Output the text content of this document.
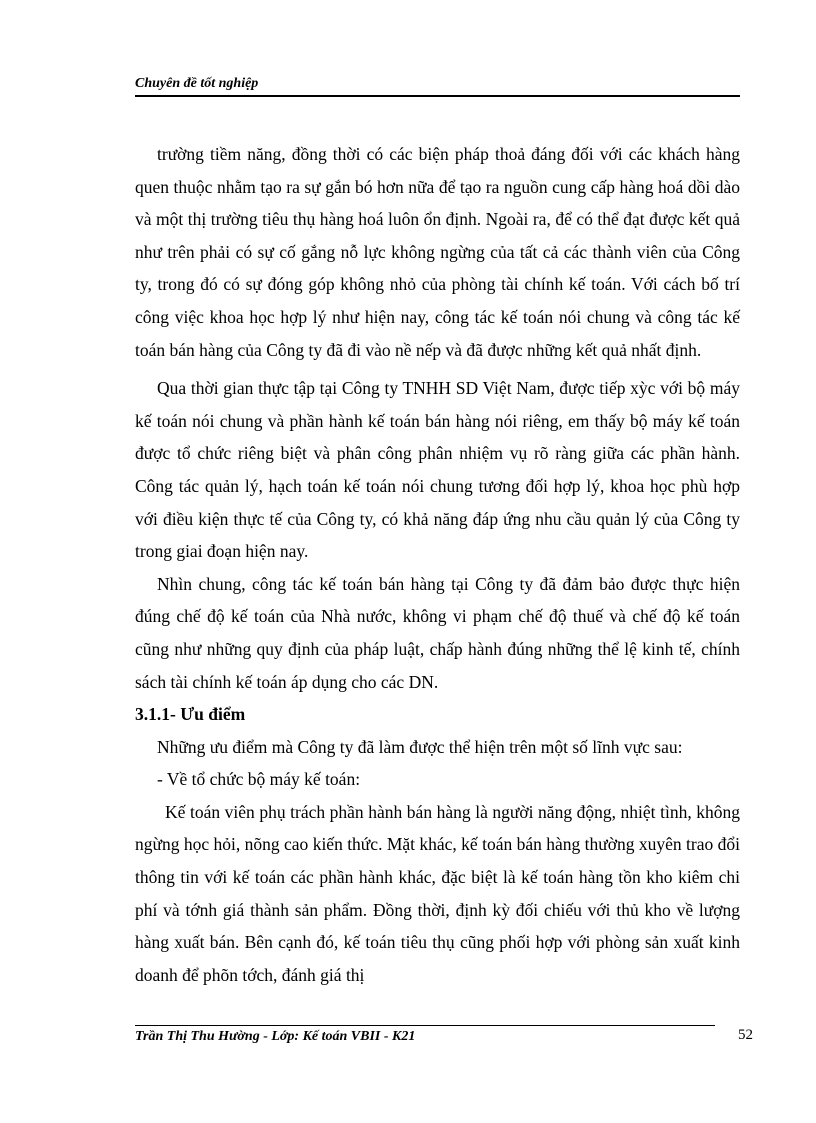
Chuyên đề tốt nghiệp

trường tiềm năng, đồng thời có các biện pháp thoả đáng đối với các khách hàng quen thuộc nhằm tạo ra sự gắn bó hơn nữa để tạo ra nguồn cung cấp hàng hoá dồi dào và một thị trường tiêu thụ hàng hoá luôn ổn định. Ngoài ra, để có thể đạt được kết quả như trên phải có sự cố gắng nỗ lực không ngừng của tất cả các thành viên của Công ty, trong đó có sự đóng góp không nhỏ của phòng tài chính kế toán. Với cách bố trí công việc khoa học hợp lý như hiện nay, công tác kế toán nói chung và công tác kế toán bán hàng của Công ty đã đi vào nề nếp và đã được những kết quả nhất định.

Qua thời gian thực tập tại Công ty TNHH SD Việt Nam, được tiếp xỳc với bộ máy kế toán nói chung và phần hành kế toán bán hàng nói riêng, em thấy bộ máy kế toán được tổ chức riêng biệt và phân công phân nhiệm vụ rõ ràng giữa các phần hành. Công tác quản lý, hạch toán kế toán nói chung tương đối hợp lý, khoa học phù hợp với điều kiện thực tế của Công ty, có khả năng đáp ứng nhu cầu quản lý của Công ty trong giai đoạn hiện nay.

Nhìn chung, công tác kế toán bán hàng tại Công ty đã đảm bảo được thực hiện đúng chế độ kế toán của Nhà nước, không vi phạm chế độ thuế và chế độ kế toán cũng như những quy định của pháp luật, chấp hành đúng những thể lệ kinh tế, chính sách tài chính kế toán áp dụng cho các DN.

3.1.1- Ưu điểm

Những ưu điểm mà Công ty đã làm được thể hiện trên một số lĩnh vực sau:

- Về tổ chức bộ máy kế toán:

Kế toán viên phụ trách phần hành bán hàng là người năng động, nhiệt tình, không ngừng học hỏi, nõng cao kiến thức. Mặt khác, kế toán bán hàng thường xuyên trao đổi thông tin với kế toán các phần hành khác, đặc biệt là kế toán hàng tồn kho kiêm chi phí và tớnh giá thành sản phẩm. Đồng thời, định kỳ đối chiếu với thủ kho về lượng hàng xuất bán. Bên cạnh đó, kế toán tiêu thụ cũng phối hợp với phòng sản xuất kinh doanh để phõn tớch, đánh giá thị

Trần Thị Thu Hường - Lớp: Kế toán VBII - K21	52
